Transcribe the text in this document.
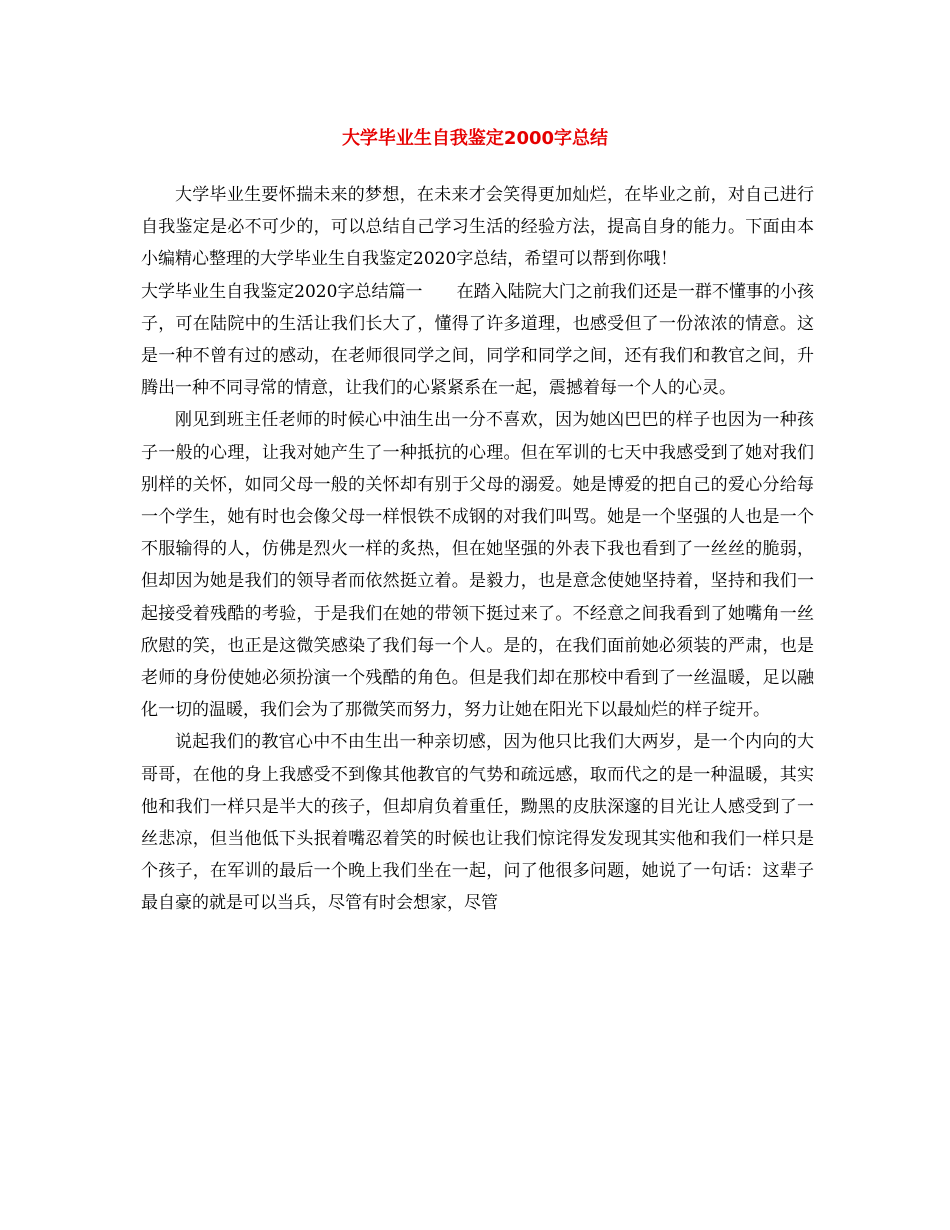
大学毕业生自我鉴定2000字总结

大学毕业生要怀揣未来的梦想，在未来才会笑得更加灿烂，在毕业之前，对自己进行自我鉴定是必不可少的，可以总结自己学习生活的经验方法，提高自身的能力。下面由本小编精心整理的大学毕业生自我鉴定2020字总结，希望可以帮到你哦！

大学毕业生自我鉴定2020字总结篇一　　在踏入陆院大门之前我们还是一群不懂事的小孩子，可在陆院中的生活让我们长大了，懂得了许多道理，也感受但了一份浓浓的情意。这是一种不曾有过的感动，在老师很同学之间，同学和同学之间，还有我们和教官之间，升腾出一种不同寻常的情意，让我们的心紧紧系在一起，震撼着每一个人的心灵。

刚见到班主任老师的时候心中油生出一分不喜欢，因为她凶巴巴的样子也因为一种孩子一般的心理，让我对她产生了一种抵抗的心理。但在军训的七天中我感受到了她对我们别样的关怀，如同父母一般的关怀却有别于父母的溺爱。她是博爱的把自己的爱心分给每一个学生，她有时也会像父母一样恨铁不成钢的对我们叫骂。她是一个坚强的人也是一个不服输得的人，仿佛是烈火一样的炙热，但在她坚强的外表下我也看到了一丝丝的脆弱，但却因为她是我们的领导者而依然挺立着。是毅力，也是意念使她坚持着，坚持和我们一起接受着残酷的考验，于是我们在她的带领下挺过来了。不经意之间我看到了她嘴角一丝欣慰的笑，也正是这微笑感染了我们每一个人。是的，在我们面前她必须装的严肃，也是老师的身份使她必须扮演一个残酷的角色。但是我们却在那校中看到了一丝温暖，足以融化一切的温暖，我们会为了那微笑而努力，努力让她在阳光下以最灿烂的样子绽开。

说起我们的教官心中不由生出一种亲切感，因为他只比我们大两岁，是一个内向的大哥哥，在他的身上我感受不到像其他教官的气势和疏远感，取而代之的是一种温暖，其实他和我们一样只是半大的孩子，但却肩负着重任，黝黑的皮肤深邃的目光让人感受到了一丝悲凉，但当他低下头抿着嘴忍着笑的时候也让我们惊诧得发发现其实他和我们一样只是个孩子，在军训的最后一个晚上我们坐在一起，问了他很多问题，她说了一句话：这辈子最自豪的就是可以当兵，尽管有时会想家，尽管
